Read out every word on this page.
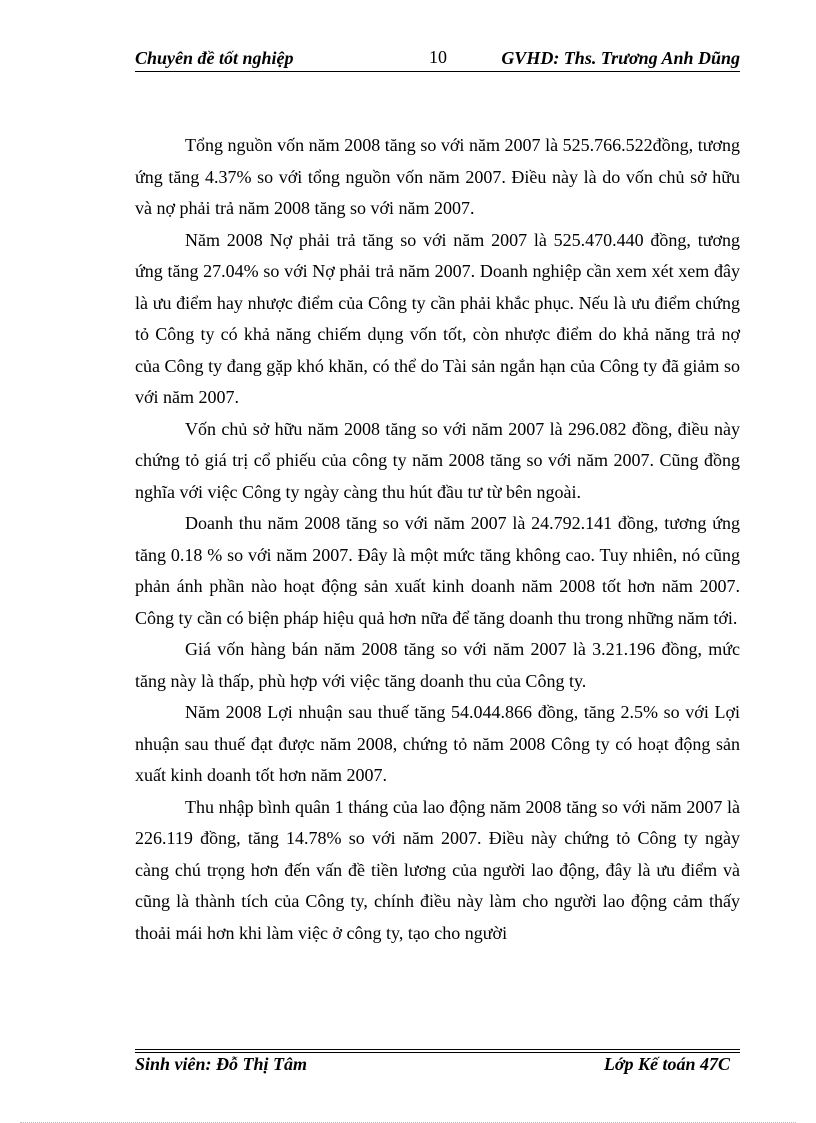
Chuyên đề tốt nghiệp	10	GVHD: Ths. Trương Anh Dũng

Tổng nguồn vốn năm 2008 tăng so với năm 2007 là 525.766.522đồng, tương ứng tăng 4.37% so với tổng nguồn vốn năm 2007. Điều này là do vốn chủ sở hữu và nợ phải trả năm 2008 tăng so với năm 2007.

Năm 2008 Nợ phải trả tăng so với năm 2007 là 525.470.440 đồng, tương ứng tăng 27.04% so với Nợ phải trả năm 2007. Doanh nghiệp cần xem xét xem đây là ưu điểm hay nhược điểm của Công ty cần phải khắc phục. Nếu là ưu điểm chứng tỏ Công ty có khả năng chiếm dụng vốn tốt, còn nhược điểm do khả năng trả nợ của Công ty đang gặp khó khăn, có thể do Tài sản ngắn hạn của Công ty đã giảm so với năm 2007.

Vốn chủ sở hữu năm 2008 tăng so với năm 2007 là 296.082 đồng, điều này chứng tỏ giá trị cổ phiếu của công ty năm 2008 tăng so với năm 2007. Cũng đồng nghĩa với việc Công ty ngày càng thu hút đầu tư từ bên ngoài.

Doanh thu năm 2008 tăng so với năm 2007 là 24.792.141 đồng, tương ứng tăng 0.18 % so với năm 2007. Đây là một mức tăng không cao. Tuy nhiên, nó cũng phản ánh phần nào hoạt động sản xuất kinh doanh năm 2008 tốt hơn năm 2007. Công ty cần có biện pháp hiệu quả hơn nữa để tăng doanh thu trong những năm tới.

Giá vốn hàng bán năm 2008 tăng so với năm 2007 là 3.21.196 đồng, mức tăng này là thấp, phù hợp với việc tăng doanh thu của Công ty.

Năm 2008 Lợi nhuận sau thuế tăng 54.044.866 đồng, tăng 2.5% so với Lợi nhuận sau thuế đạt được năm 2008, chứng tỏ năm 2008 Công ty có hoạt động sản xuất kinh doanh tốt hơn năm 2007.

Thu nhập bình quân 1 tháng của lao động năm 2008 tăng so với năm 2007 là 226.119 đồng, tăng 14.78% so với năm 2007. Điều này chứng tỏ Công ty ngày càng chú trọng hơn đến vấn đề tiền lương của người lao động, đây là ưu điểm và cũng là thành tích của Công ty, chính điều này làm cho người lao động cảm thấy thoải mái hơn khi làm việc ở công ty, tạo cho người

Sinh viên: Đỗ Thị Tâm	Lớp Kế toán 47C
